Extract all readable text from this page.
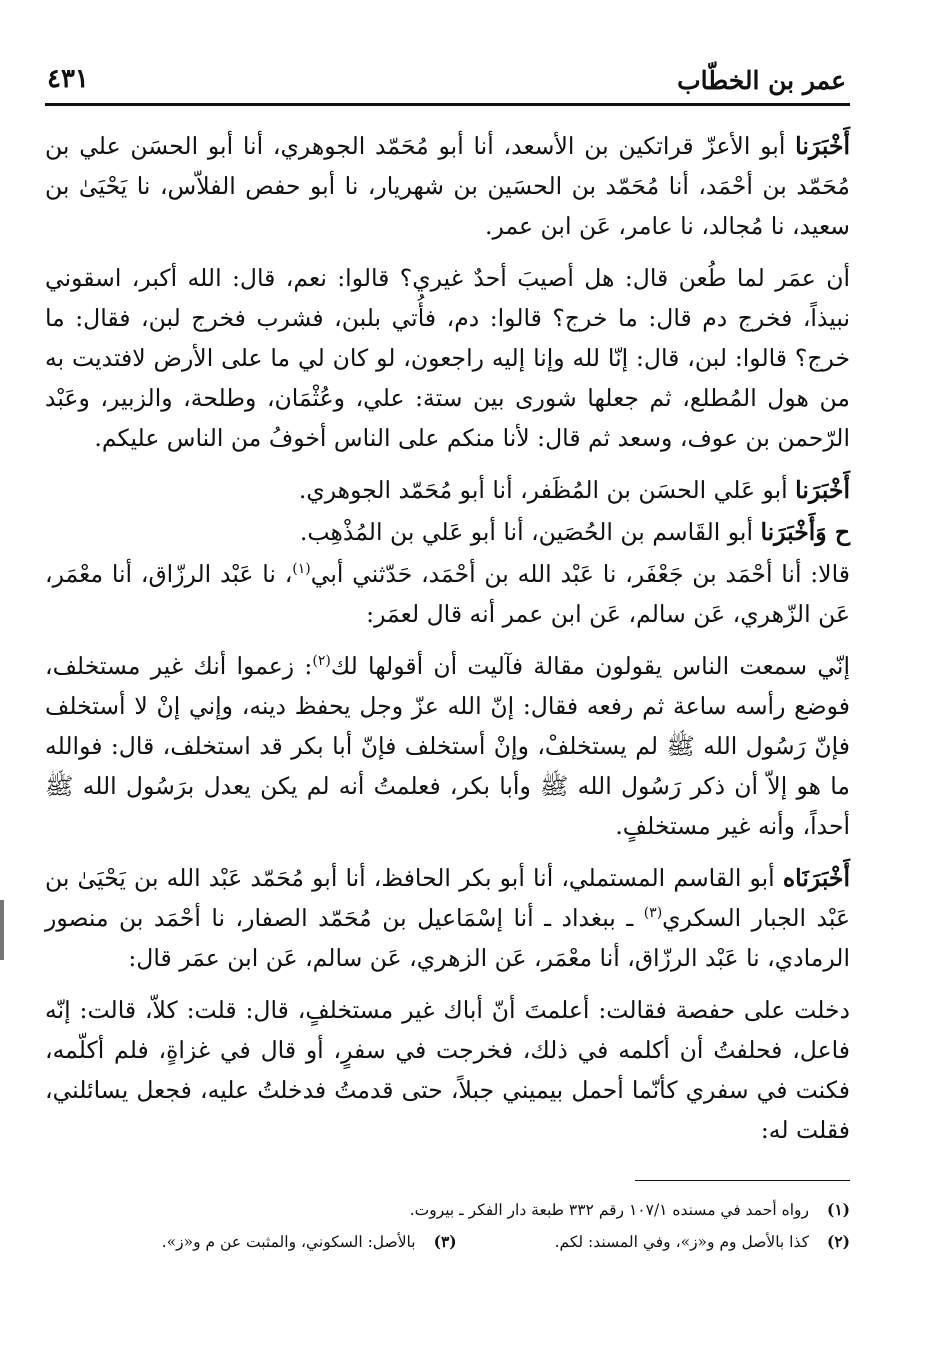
٤٣١	عمر بن الخطّاب

أَخْبَرَنا أبو الأعزّ قراتكين بن الأسعد، أنا أبو مُحَمّد الجوهري، أنا أبو الحسَن علي بن مُحَمّد بن أحْمَد، أنا مُحَمّد بن الحسَين بن شهريار، نا أبو حفص الفلاّس، نا يَحْيَىٰ بن سعيد، نا مُجالد، نا عامر، عَن ابن عمر.

أن عمَر لما طُعن قال: هل أصيبَ أحدٌ غيري؟ قالوا: نعم، قال: الله أكبر، اسقوني نبيذاً، فخرج دم قال: ما خرج؟ قالوا: دم، فأُتي بلبن، فشرب فخرج لبن، فقال: ما خرج؟ قالوا: لبن، قال: إنّا لله وإنا إليه راجعون، لو كان لي ما على الأرض لافتديت به من هول المُطلع، ثم جعلها شورى بين ستة: علي، وعُثْمَان، وطلحة، والزبير، وعَبْد الرّحمن بن عوف، وسعد ثم قال: لأنا منكم على الناس أخوفُ من الناس عليكم.

أَخْبَرَنا أبو عَلي الحسَن بن المُظَفر، أنا أبو مُحَمّد الجوهري.

ح وَأَخْبَرَنا أبو القَاسم بن الحُصَين، أنا أبو عَلي بن المُذْهِب.

قالا: أنا أحْمَد بن جَعْفَر، نا عَبْد الله بن أحْمَد، حَدّثني أبي$^{(١)}$، نا عَبْد الرزّاق، أنا معْمَر، عَن الزّهري، عَن سالم، عَن ابن عمر أنه قال لعمَر:

إنّي سمعت الناس يقولون مقالة فآليت أن أقولها لك$^{(٢)}$: زعموا أنك غير مستخلف، فوضع رأسه ساعة ثم رفعه فقال: إنّ الله عزّ وجل يحفظ دينه، وإني إنْ لا أستخلف فإنّ رَسُول الله ﷺ لم يستخلفْ، وإنْ أستخلف فإنّ أبا بكر قد استخلف، قال: فوالله ما هو إلاّ أن ذكر رَسُول الله ﷺ وأبا بكر، فعلمتُ أنه لم يكن يعدل برَسُول الله ﷺ أحداً، وأنه غير مستخلفٍ.

أَخْبَرَنَاه أبو القاسم المستملي، أنا أبو بكر الحافظ، أنا أبو مُحَمّد عَبْد الله بن يَحْيَىٰ بن عَبْد الجبار السكري$^{(٣)}$ ـ ببغداد ـ أنا إسْمَاعيل بن مُحَمّد الصفار، نا أحْمَد بن منصور الرمادي، نا عَبْد الرزّاق، أنا معْمَر، عَن الزهري، عَن سالم، عَن ابن عمَر قال:

دخلت على حفصة فقالت: أعلمتَ أنّ أباك غير مستخلفٍ، قال: قلت: كلاّ، قالت: إنّه فاعل، فحلفتُ أن أكلمه في ذلك، فخرجت في سفرٍ، أو قال في غزاةٍ، فلم أكلّمه، فكنت في سفري كأنّما أحمل بيميني جبلاً، حتى قدمتُ فدخلتُ عليه، فجعل يسائلني، فقلت له:

(١)
رواه أحمد في مسنده ١٠٧/١ رقم ٣٣٢ طبعة دار الفكر ـ بيروت.
(٢)
كذا بالأصل وم و«ز»، وفي المسند: لكم.
(٣)
بالأصل: السكوني، والمثبت عن م و«ز».
